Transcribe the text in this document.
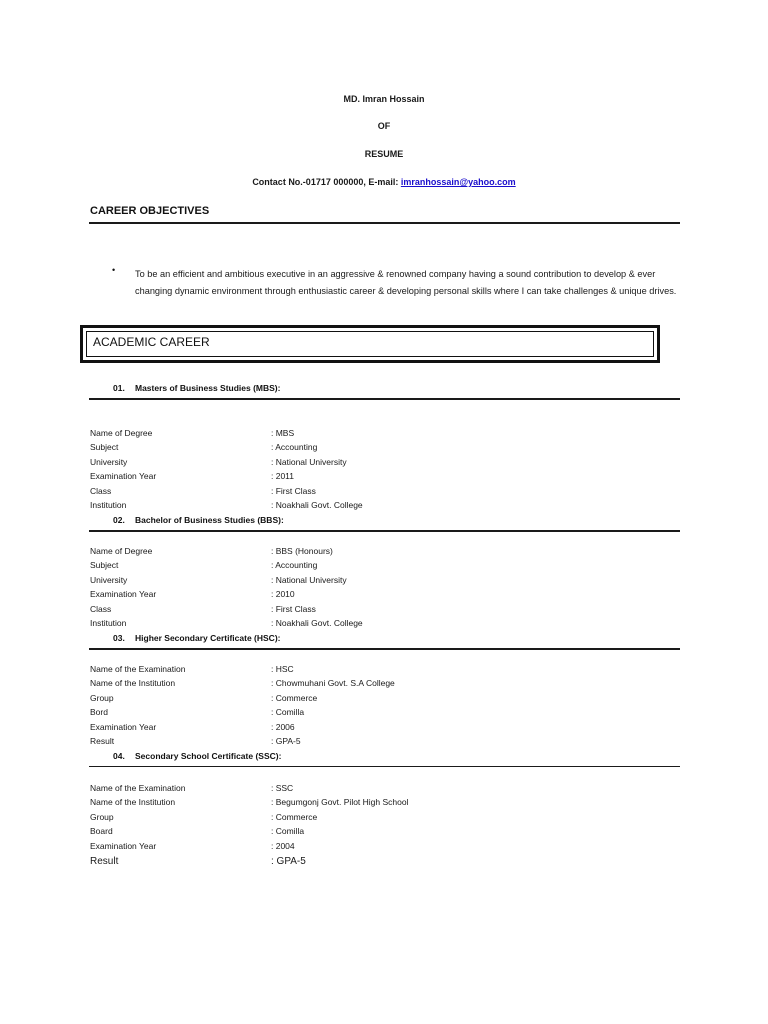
MD. Imran Hossain
OF
RESUME
Contact No.-01717 000000, E-mail: imranhossain@yahoo.com
CAREER OBJECTIVES
• To be an efficient and ambitious executive in an aggressive & renowned company having a sound contribution to develop & ever changing dynamic environment through enthusiastic career & developing personal skills where I can take challenges & unique drives.
ACADEMIC CAREER
01. Masters of Business Studies (MBS):
Name of Degree	: MBS
Subject	: Accounting
University	: National University
Examination Year	: 2011
Class	: First Class
Institution	: Noakhali Govt. College
02. Bachelor of Business Studies (BBS):
Name of Degree	: BBS (Honours)
Subject	: Accounting
University	: National University
Examination Year	: 2010
Class	: First Class
Institution	: Noakhali Govt. College
03. Higher Secondary Certificate (HSC):
Name of the Examination	: HSC
Name of the Institution	: Chowmuhani Govt. S.A College
Group	: Commerce
Bord	: Comilla
Examination Year	: 2006
Result	: GPA-5
04. Secondary School Certificate (SSC):
Name of the Examination	: SSC
Name of the Institution	: Begumgonj Govt. Pilot High School
Group	: Commerce
Board	: Comilla
Examination Year	: 2004
Result	: GPA-5
